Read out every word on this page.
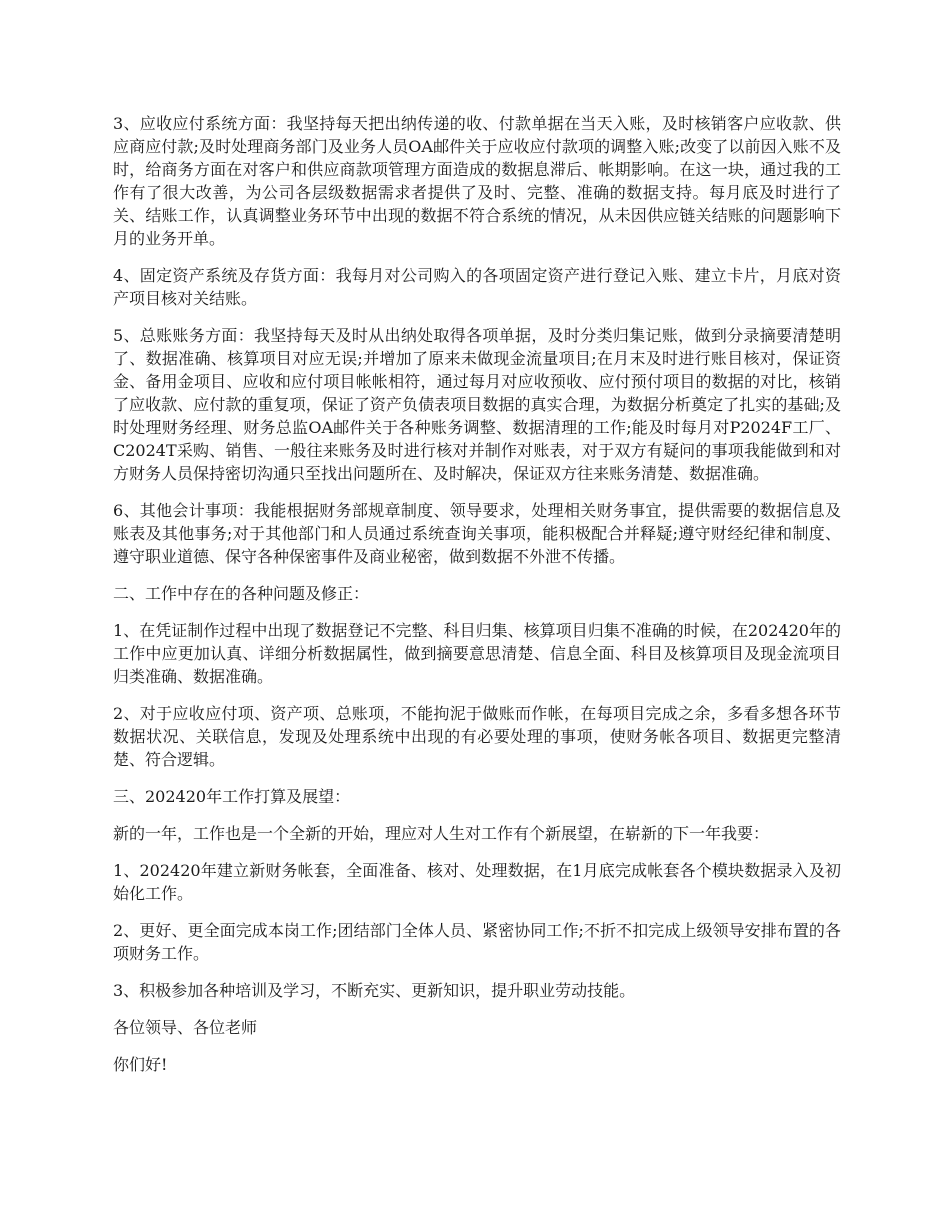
3、应收应付系统方面：我坚持每天把出纳传递的收、付款单据在当天入账，及时核销客户应收款、供应商应付款;及时处理商务部门及业务人员OA邮件关于应收应付款项的调整入账;改变了以前因入账不及时，给商务方面在对客户和供应商款项管理方面造成的数据息滞后、帐期影响。在这一块，通过我的工作有了很大改善，为公司各层级数据需求者提供了及时、完整、准确的数据支持。每月底及时进行了关、结账工作，认真调整业务环节中出现的数据不符合系统的情况，从未因供应链关结账的问题影响下月的业务开单。

4、固定资产系统及存货方面：我每月对公司购入的各项固定资产进行登记入账、建立卡片，月底对资产项目核对关结账。

5、总账账务方面：我坚持每天及时从出纳处取得各项单据，及时分类归集记账，做到分录摘要清楚明了、数据准确、核算项目对应无误;并增加了原来未做现金流量项目;在月末及时进行账目核对，保证资金、备用金项目、应收和应付项目帐帐相符，通过每月对应收预收、应付预付项目的数据的对比，核销了应收款、应付款的重复项，保证了资产负债表项目数据的真实合理，为数据分析奠定了扎实的基础;及时处理财务经理、财务总监OA邮件关于各种账务调整、数据清理的工作;能及时每月对P2024F工厂、C2024T采购、销售、一般往来账务及时进行核对并制作对账表，对于双方有疑问的事项我能做到和对方财务人员保持密切沟通只至找出问题所在、及时解决，保证双方往来账务清楚、数据准确。

6、其他会计事项：我能根据财务部规章制度、领导要求，处理相关财务事宜，提供需要的数据信息及账表及其他事务;对于其他部门和人员通过系统查询关事项，能积极配合并释疑;遵守财经纪律和制度、遵守职业道德、保守各种保密事件及商业秘密，做到数据不外泄不传播。

二、工作中存在的各种问题及修正：

1、在凭证制作过程中出现了数据登记不完整、科目归集、核算项目归集不准确的时候，在202420年的工作中应更加认真、详细分析数据属性，做到摘要意思清楚、信息全面、科目及核算项目及现金流项目归类准确、数据准确。

2、对于应收应付项、资产项、总账项，不能拘泥于做账而作帐，在每项目完成之余，多看多想各环节数据状况、关联信息，发现及处理系统中出现的有必要处理的事项，使财务帐各项目、数据更完整清楚、符合逻辑。

三、202420年工作打算及展望：

新的一年，工作也是一个全新的开始，理应对人生对工作有个新展望，在崭新的下一年我要：

1、202420年建立新财务帐套，全面准备、核对、处理数据，在1月底完成帐套各个模块数据录入及初始化工作。

2、更好、更全面完成本岗工作;团结部门全体人员、紧密协同工作;不折不扣完成上级领导安排布置的各项财务工作。

3、积极参加各种培训及学习，不断充实、更新知识，提升职业劳动技能。

各位领导、各位老师

你们好!
